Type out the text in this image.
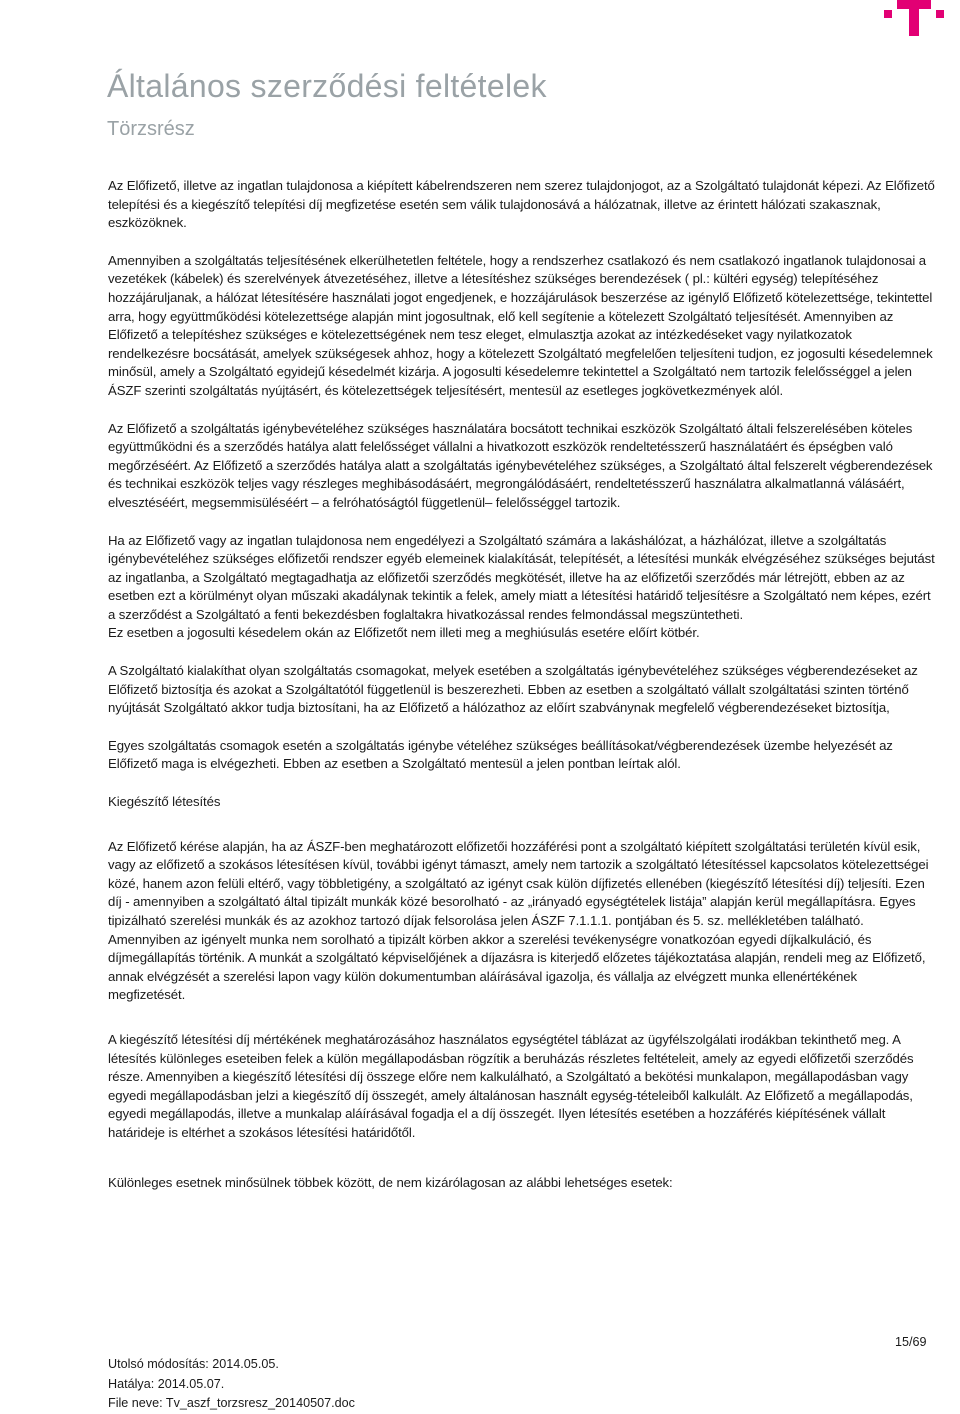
Általános szerződési feltételek
Törzsrész

Az Előfizető, illetve az ingatlan tulajdonosa a kiépített kábelrendszeren nem szerez tulajdonjogot, az a Szolgáltató tulajdonát képezi. Az Előfizető telepítési és a kiegészítő telepítési díj megfizetése esetén sem válik tulajdonosává a hálózatnak, illetve az érintett hálózati szakasznak, eszközöknek.

Amennyiben a szolgáltatás teljesítésének elkerülhetetlen feltétele, hogy a rendszerhez csatlakozó és nem csatlakozó ingatlanok tulajdonosai a vezetékek (kábelek) és szerelvények átvezetéséhez, illetve a létesítéshez szükséges berendezések ( pl.: kültéri egység) telepítéséhez hozzájáruljanak, a hálózat létesítésére használati jogot engedjenek, e hozzájárulások beszerzése az igénylő Előfizető kötelezettsége, tekintettel arra, hogy együttműködési kötelezettsége alapján mint jogosultnak, elő kell segítenie a kötelezett Szolgáltató teljesítését. Amennyiben az Előfizető a telepítéshez szükséges e kötelezettségének nem tesz eleget, elmulasztja azokat az intézkedéseket vagy nyilatkozatok rendelkezésre bocsátását, amelyek szükségesek ahhoz, hogy a kötelezett Szolgáltató megfelelően teljesíteni tudjon, ez jogosulti késedelemnek minősül, amely a Szolgáltató egyidejű késedelmét kizárja. A jogosulti késedelemre tekintettel a Szolgáltató nem tartozik felelősséggel a jelen ÁSZF szerinti szolgáltatás nyújtásért, és kötelezettségek teljesítésért, mentesül az esetleges jogkövetkezmények alól.

Az Előfizető a szolgáltatás igénybevételéhez szükséges használatára bocsátott technikai eszközök Szolgáltató általi felszerelésében köteles együttműködni és a szerződés hatálya alatt felelősséget vállalni a hivatkozott eszközök rendeltetésszerű használatáért és épségben való megőrzéséért. Az Előfizető a szerződés hatálya alatt a szolgáltatás igénybevételéhez szükséges, a Szolgáltató által felszerelt végberendezések és technikai eszközök teljes vagy részleges meghibásodásáért, megrongálódásáért, rendeltetésszerű használatra alkalmatlanná válásáért, elvesztéséért, megsemmisüléséért – a felróhatóságtól függetlenül– felelősséggel tartozik.

Ha az Előfizető vagy az ingatlan tulajdonosa nem engedélyezi a Szolgáltató számára a lakáshálózat, a házhálózat, illetve a szolgáltatás igénybevételéhez szükséges előfizetői rendszer egyéb elemeinek kialakítását, telepítését, a létesítési munkák elvégzéséhez szükséges bejutást az ingatlanba, a Szolgáltató megtagadhatja az előfizetői szerződés megkötését, illetve ha az előfizetői szerződés már létrejött, ebben az az esetben ezt a körülményt olyan műszaki akadálynak tekintik a felek, amely miatt a létesítési határidő teljesítésre a Szolgáltató nem képes, ezért a szerződést a Szolgáltató a fenti bekezdésben foglaltakra hivatkozással rendes felmondással megszüntetheti.

Ez esetben a jogosulti késedelem okán az Előfizetőt nem illeti meg a meghiúsulás esetére előírt kötbér.

A Szolgáltató kialakíthat olyan szolgáltatás csomagokat, melyek esetében a szolgáltatás igénybevételéhez szükséges végberendezéseket az Előfizető biztosítja és azokat a Szolgáltatótól függetlenül is beszerezheti. Ebben az esetben a szolgáltató vállalt szolgáltatási szinten történő nyújtását Szolgáltató akkor tudja biztosítani, ha az Előfizető a hálózathoz az előírt szabványnak megfelelő végberendezéseket biztosítja,

Egyes szolgáltatás csomagok esetén a szolgáltatás igénybe vételéhez szükséges beállításokat/végberendezések üzembe helyezését az Előfizető maga is elvégezheti. Ebben az esetben a Szolgáltató mentesül a jelen pontban leírtak alól.

Kiegészítő létesítés

Az Előfizető kérése alapján, ha az ÁSZF-ben meghatározott előfizetői hozzáférési pont a szolgáltató kiépített szolgáltatási területén kívül esik, vagy az előfizető a szokásos létesítésen kívül, további igényt támaszt, amely nem tartozik a szolgáltató létesítéssel kapcsolatos kötelezettségei közé, hanem azon felüli eltérő, vagy többletigény, a szolgáltató az igényt csak külön díjfizetés ellenében (kiegészítő létesítési díj) teljesíti. Ezen díj - amennyiben a szolgáltató által tipizált munkák közé besorolható - az „irányadó egységtételek listája” alapján kerül megállapításra. Egyes tipizálható szerelési munkák és az azokhoz tartozó díjak felsorolása jelen ÁSZF 7.1.1.1. pontjában és 5. sz. mellékletében található. Amennyiben az igényelt munka nem sorolható a tipizált körben akkor a szerelési tevékenységre vonatkozóan egyedi díjkalkuláció, és díjmegállapítás történik. A munkát a szolgáltató képviselőjének a díjazásra is kiterjedő előzetes tájékoztatása alapján, rendeli meg az Előfizető, annak elvégzését a szerelési lapon vagy külön dokumentumban aláírásával igazolja, és vállalja az elvégzett munka ellenértékének megfizetését.

A kiegészítő létesítési díj mértékének meghatározásához használatos egységtétel táblázat az ügyfélszolgálati irodákban tekinthető meg. A létesítés különleges eseteiben felek a külön megállapodásban rögzítik a beruházás részletes feltételeit, amely az egyedi előfizetői szerződés része. Amennyiben a kiegészítő létesítési díj összege előre nem kalkulálható, a Szolgáltató a bekötési munkalapon, megállapodásban vagy egyedi megállapodásban jelzi a kiegészítő díj összegét, amely általánosan használt egység-tételeiből kalkulált. Az Előfizető a megállapodás, egyedi megállapodás, illetve a munkalap aláírásával fogadja el a díj összegét. Ilyen létesítés esetében a hozzáférés kiépítésének vállalt határideje is eltérhet a szokásos létesítési határidőtől.

Különleges esetnek minősülnek többek között, de nem kizárólagosan az alábbi lehetséges esetek:

15/69
Utolsó módosítás: 2014.05.05.
Hatálya: 2014.05.07.
File neve: Tv_aszf_torzsresz_20140507.doc
